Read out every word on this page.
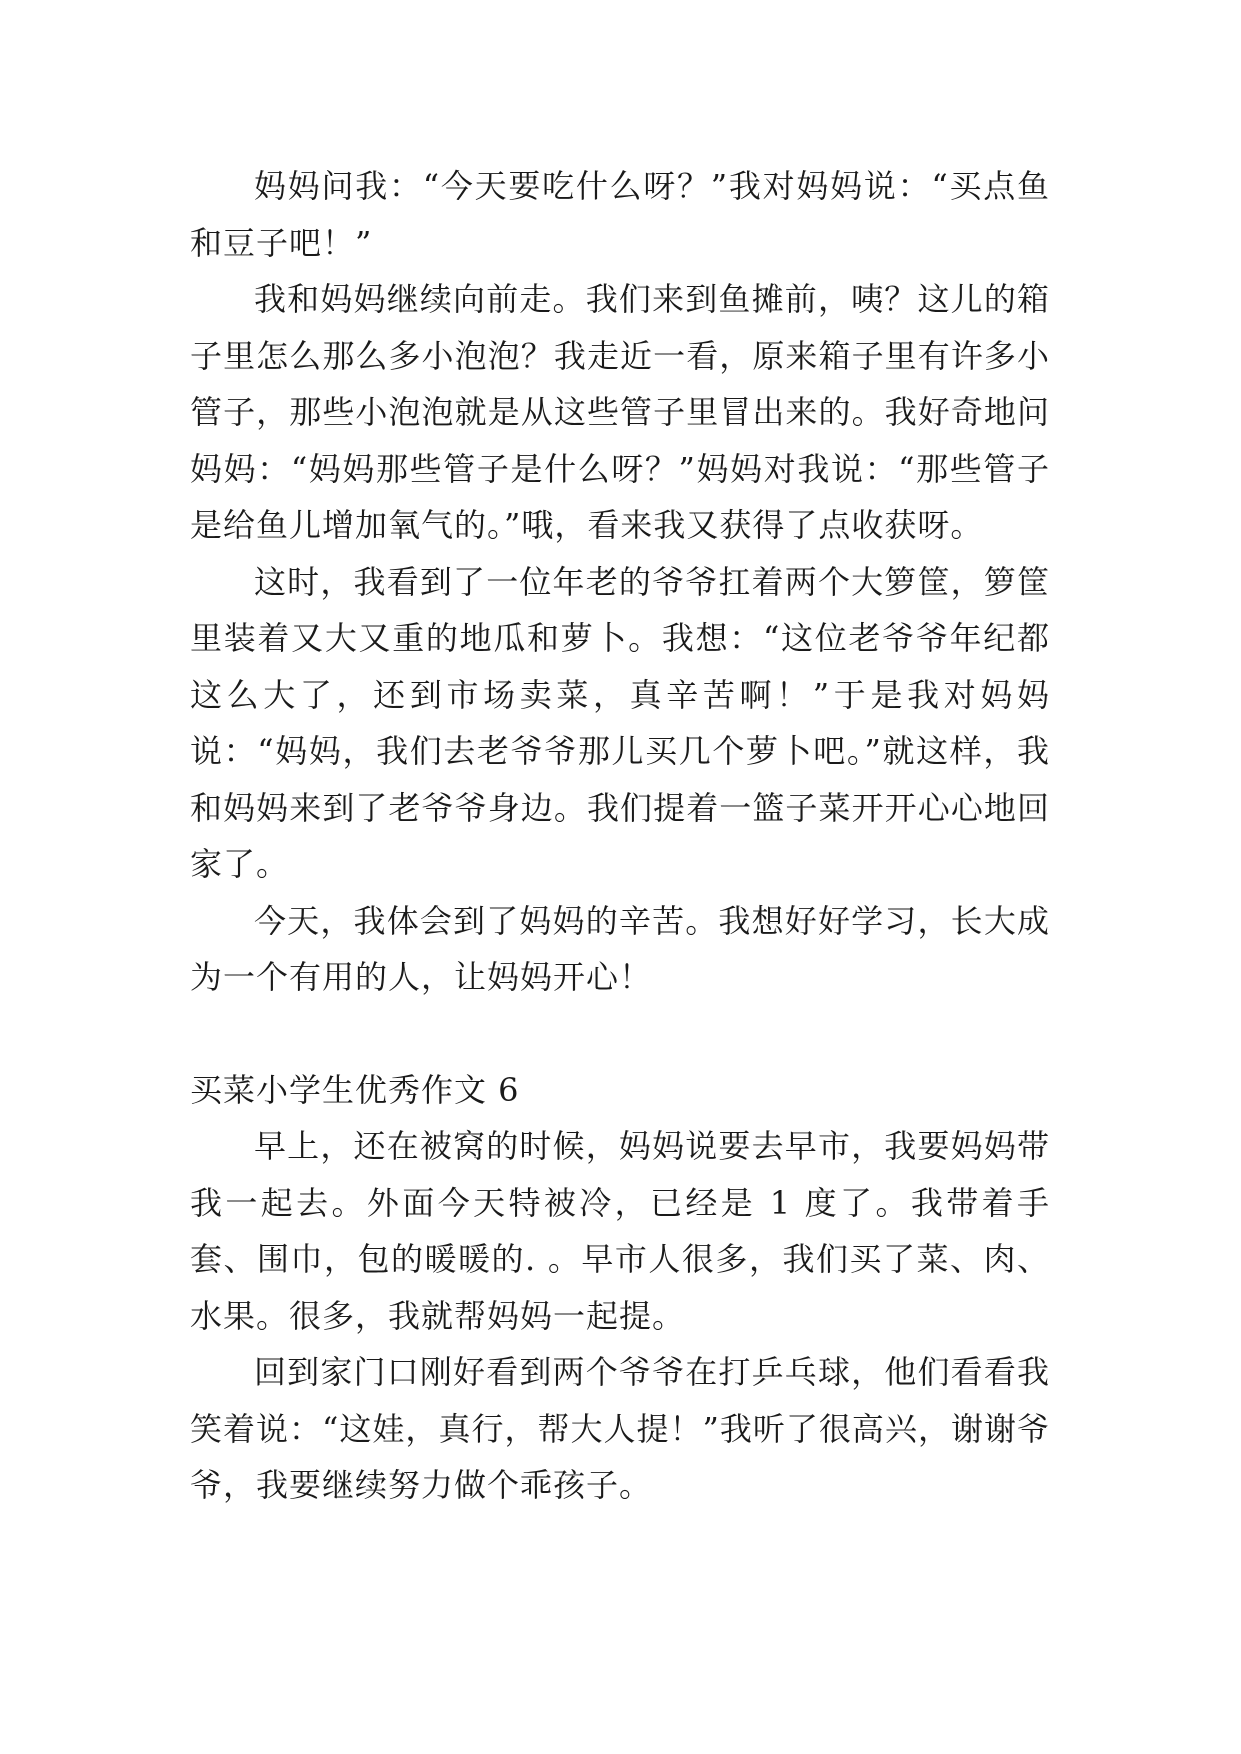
妈妈问我：“今天要吃什么呀？”我对妈妈说：“买点鱼和豆子吧！”

我和妈妈继续向前走。我们来到鱼摊前，咦？这儿的箱子里怎么那么多小泡泡？我走近一看，原来箱子里有许多小管子，那些小泡泡就是从这些管子里冒出来的。我好奇地问妈妈：“妈妈那些管子是什么呀？”妈妈对我说：“那些管子是给鱼儿增加氧气的。”哦，看来我又获得了点收获呀。

这时，我看到了一位年老的爷爷扛着两个大箩筐，箩筐里装着又大又重的地瓜和萝卜。我想：“这位老爷爷年纪都这么大了，还到市场卖菜，真辛苦啊！”于是我对妈妈说：“妈妈，我们去老爷爷那儿买几个萝卜吧。”就这样，我和妈妈来到了老爷爷身边。我们提着一篮子菜开开心心地回家了。

今天，我体会到了妈妈的辛苦。我想好好学习，长大成为一个有用的人，让妈妈开心！

买菜小学生优秀作文 6

早上，还在被窝的时候，妈妈说要去早市，我要妈妈带我一起去。外面今天特被冷，已经是 1 度了。我带着手套、围巾，包的暖暖的. 。早市人很多，我们买了菜、肉、水果。很多，我就帮妈妈一起提。

回到家门口刚好看到两个爷爷在打乒乓球，他们看看我笑着说：“这娃，真行，帮大人提！”我听了很高兴，谢谢爷爷，我要继续努力做个乖孩子。
